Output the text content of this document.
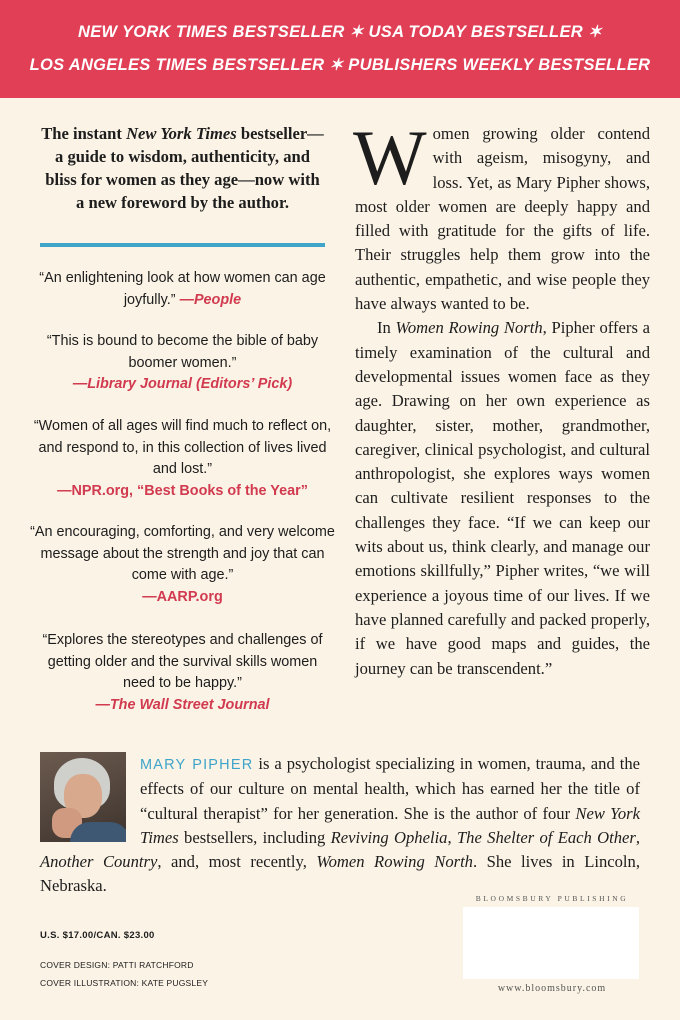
NEW YORK TIMES BESTSELLER ✶ USA TODAY BESTSELLER ✶
LOS ANGELES TIMES BESTSELLER ✶ PUBLISHERS WEEKLY BESTSELLER
The instant New York Times bestseller—a guide to wisdom, authenticity, and bliss for women as they age—now with a new foreword by the author.
“An enlightening look at how women can age joyfully.” —People
“This is bound to become the bible of baby boomer women.”
—Library Journal (Editors’ Pick)
“Women of all ages will find much to reflect on, and respond to, in this collection of lives lived and lost.”
—NPR.org, “Best Books of the Year”
“An encouraging, comforting, and very welcome message about the strength and joy that can come with age.”
—AARP.org
“Explores the stereotypes and challenges of getting older and the survival skills women need to be happy.”
—The Wall Street Journal

Women growing older contend with ageism, misogyny, and loss. Yet, as Mary Pipher shows, most older women are deeply happy and filled with gratitude for the gifts of life. Their struggles help them grow into the authentic, empathetic, and wise people they have always wanted to be.

In Women Rowing North, Pipher offers a timely examination of the cultural and developmental issues women face as they age. Drawing on her own experience as daughter, sister, mother, grandmother, caregiver, clinical psychologist, and cultural anthropologist, she explores ways women can cultivate resilient responses to the challenges they face. “If we can keep our wits about us, think clearly, and manage our emotions skillfully,” Pipher writes, “we will experience a joyous time of our lives. If we have planned carefully and packed properly, if we have good maps and guides, the journey can be transcendent.”

MARY PIPHER is a psychologist specializing in women, trauma, and the effects of our culture on mental health, which has earned her the title of “cultural therapist” for her generation. She is the author of four New York Times bestsellers, including Reviving Ophelia, The Shelter of Each Other, Another Country, and, most recently, Women Rowing North. She lives in Lincoln, Nebraska.
U.S. $17.00/CAN. $23.00
COVER DESIGN: PATTI RATCHFORD
COVER ILLUSTRATION: KATE PUGSLEY
BLOOMSBURY PUBLISHING
www.bloomsbury.com
